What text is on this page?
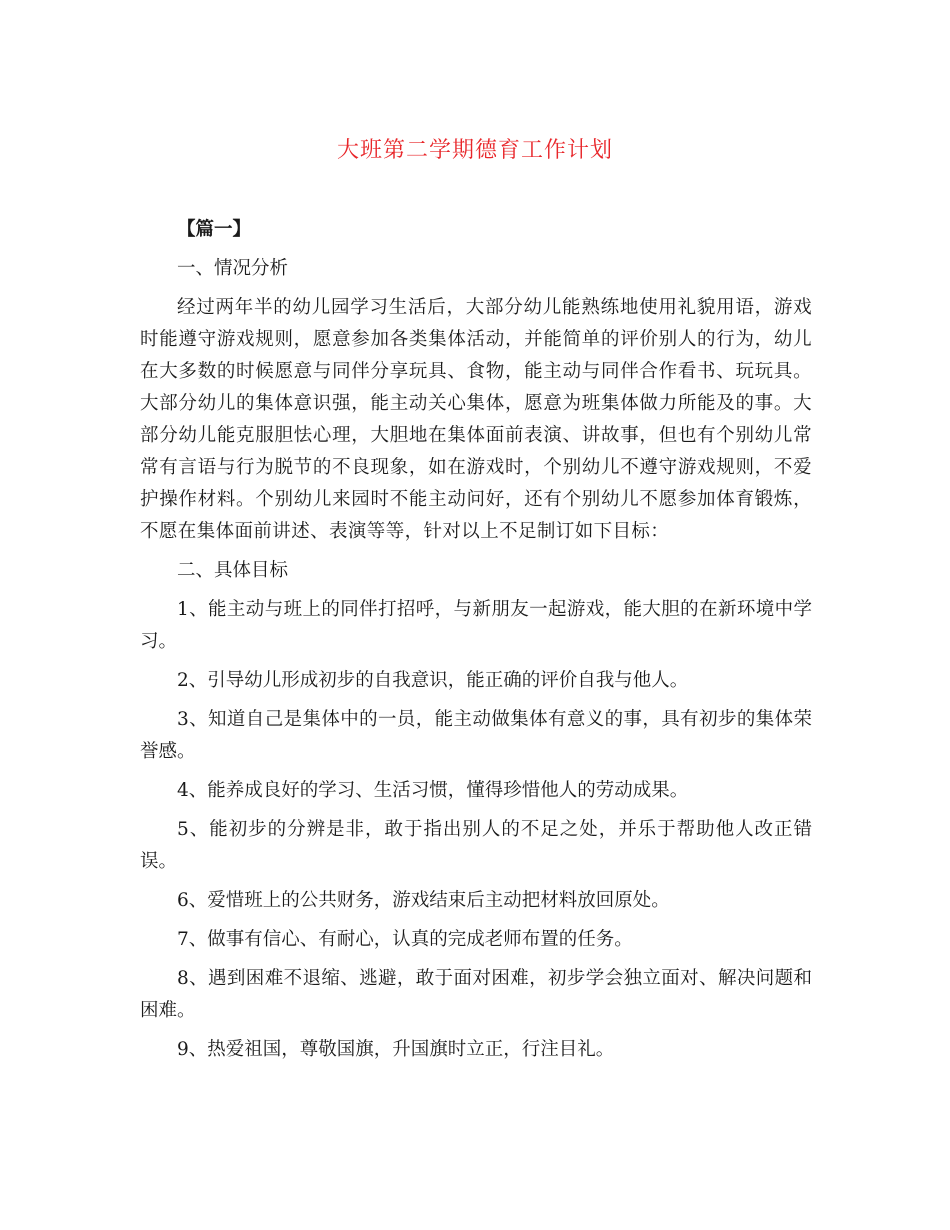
大班第二学期德育工作计划

【篇一】

一、情况分析

经过两年半的幼儿园学习生活后，大部分幼儿能熟练地使用礼貌用语，游戏时能遵守游戏规则，愿意参加各类集体活动，并能简单的评价别人的行为，幼儿在大多数的时候愿意与同伴分享玩具、食物，能主动与同伴合作看书、玩玩具。大部分幼儿的集体意识强，能主动关心集体，愿意为班集体做力所能及的事。大部分幼儿能克服胆怯心理，大胆地在集体面前表演、讲故事，但也有个别幼儿常常有言语与行为脱节的不良现象，如在游戏时，个别幼儿不遵守游戏规则，不爱护操作材料。个别幼儿来园时不能主动问好，还有个别幼儿不愿参加体育锻炼，不愿在集体面前讲述、表演等等，针对以上不足制订如下目标：

二、具体目标

1、能主动与班上的同伴打招呼，与新朋友一起游戏，能大胆的在新环境中学习。

2、引导幼儿形成初步的自我意识，能正确的评价自我与他人。

3、知道自己是集体中的一员，能主动做集体有意义的事，具有初步的集体荣誉感。

4、能养成良好的学习、生活习惯，懂得珍惜他人的劳动成果。

5、能初步的分辨是非，敢于指出别人的不足之处，并乐于帮助他人改正错误。

6、爱惜班上的公共财务，游戏结束后主动把材料放回原处。

7、做事有信心、有耐心，认真的完成老师布置的任务。

8、遇到困难不退缩、逃避，敢于面对困难，初步学会独立面对、解决问题和困难。

9、热爱祖国，尊敬国旗，升国旗时立正，行注目礼。
